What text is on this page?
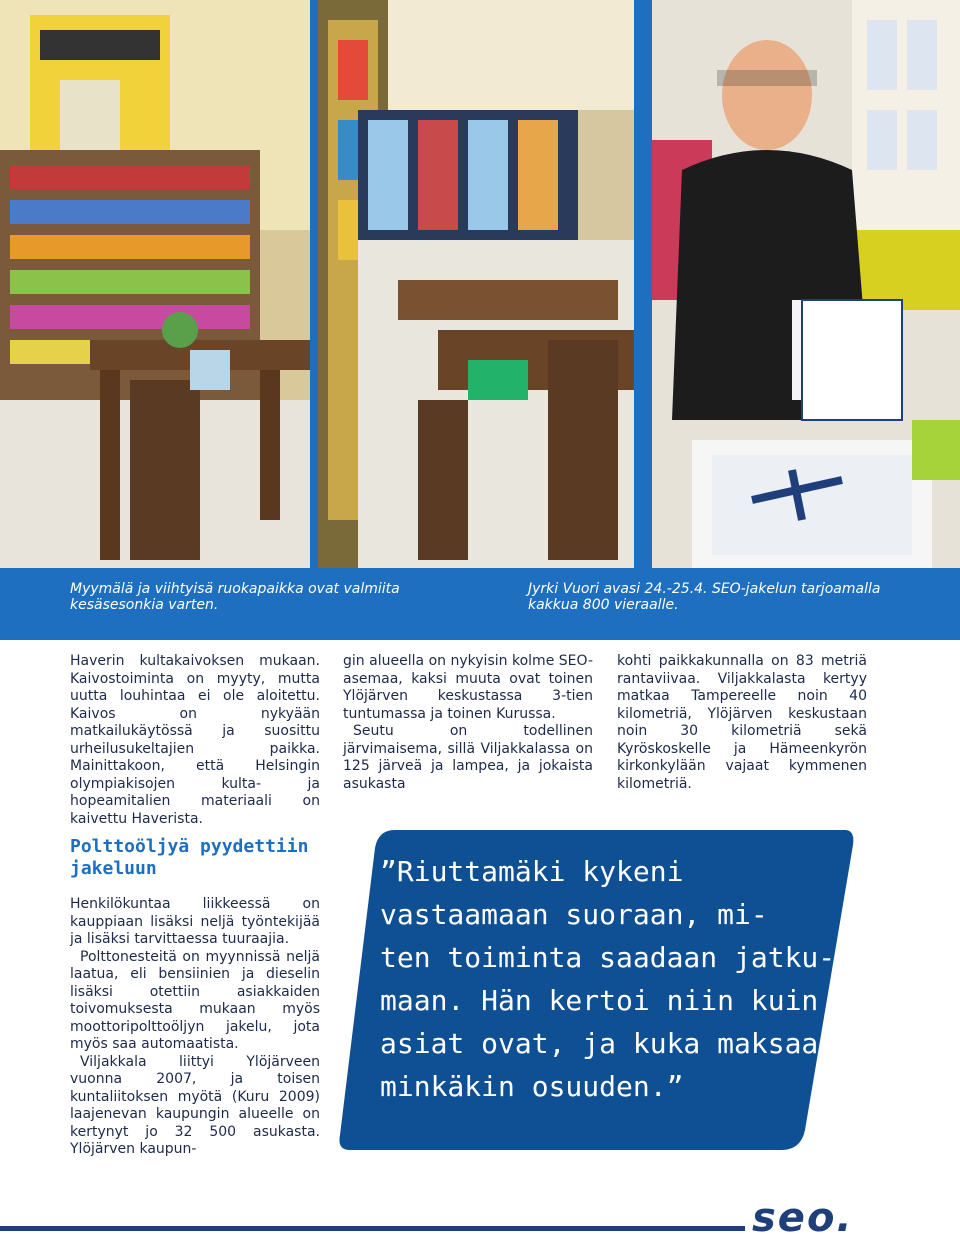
Myymälä ja viihtyisä ruokapaikka ovat valmiita kesäsesonkia varten.
Jyrki Vuori avasi 24.-25.4. SEO-jakelun tarjoamalla kakkua 800 vieraalle.

Haverin kultakaivoksen mukaan. Kaivostoiminta on myyty, mutta uutta louhintaa ei ole aloitettu. Kaivos on nykyään matkailukäytössä ja suosittu urheilusukeltajien paikka. Mainittakoon, että Helsingin olympiakisojen kulta- ja hopeamitalien materiaali on kaivettu Haverista.

Polttoöljyä pyydettiin jakeluun

Henkilökuntaa liikkeessä on kauppiaan lisäksi neljä työntekijää ja lisäksi tarvittaessa tuuraajia.

Polttonesteitä on myynnissä neljä laatua, eli bensiinien ja dieselin lisäksi otettiin asiakkaiden toivomuksesta mukaan myös moottoripolttoöljyn jakelu, jota myös saa automaatista.

Viljakkala liittyi Ylöjärveen vuonna 2007, ja toisen kuntaliitoksen myötä (Kuru 2009) laajenevan kaupungin alueelle on kertynyt jo 32 500 asukasta. Ylöjärven kaupun-

gin alueella on nykyisin kolme SEO-asemaa, kaksi muuta ovat toinen Ylöjärven keskustassa 3-tien tuntumassa ja toinen Kurussa.

Seutu on todellinen järvimaisema, sillä Viljakkalassa on 125 järveä ja lampea, ja jokaista asukasta

kohti paikkakunnalla on 83 metriä rantaviivaa. Viljakkalasta kertyy matkaa Tampereelle noin 40 kilometriä, Ylöjärven keskustaan noin 30 kilometriä sekä Kyröskoskelle ja Hämeenkyrön kirkonkylään vajaat kymmenen kilometriä.

”Riuttamäki kykeni
vastaamaan suoraan, mi-
ten toiminta saadaan jatku-
maan. Hän kertoi niin kuin
asiat ovat, ja kuka maksaa
minkäkin osuuden.”
seo.
